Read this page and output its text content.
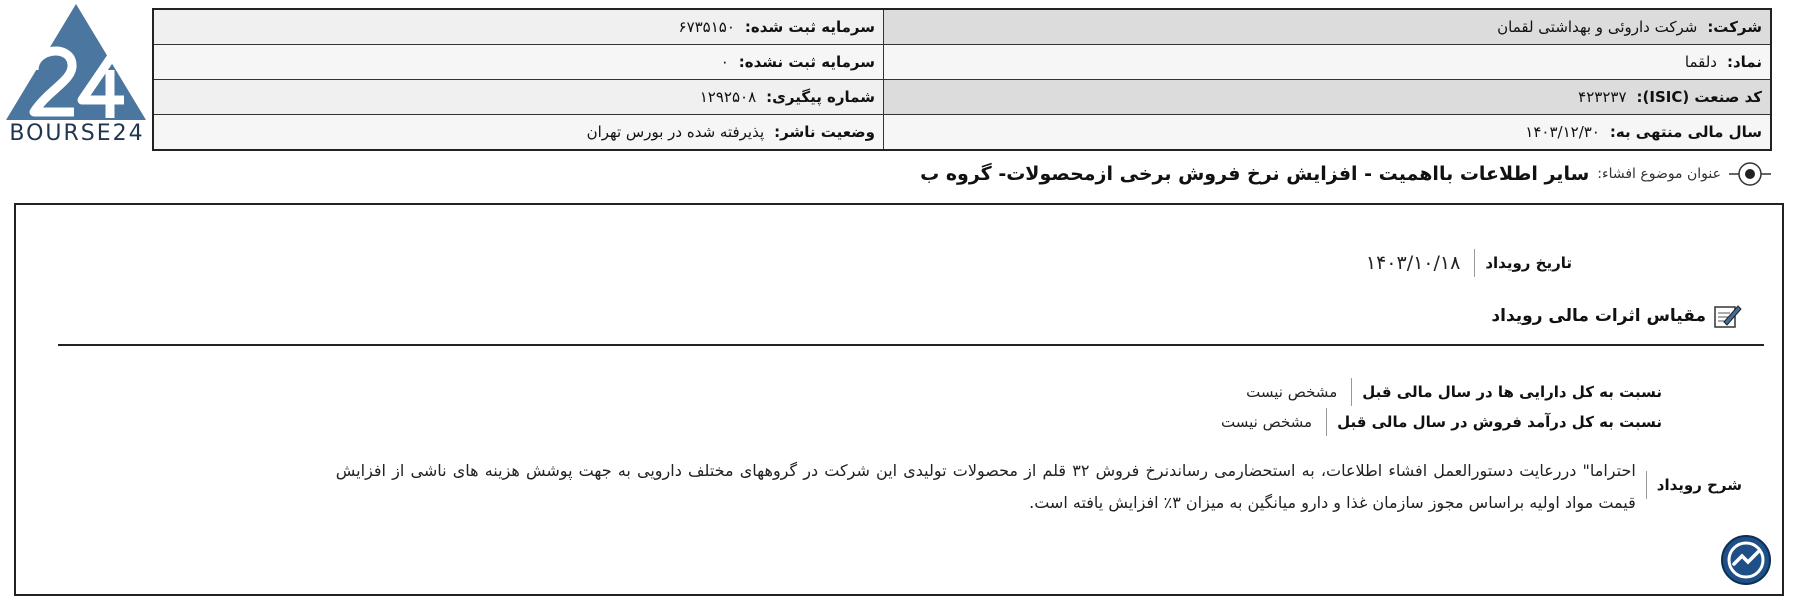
BOURSE24
شرکت:شرکت داروئی و بهداشتی لقمان	سرمایه ثبت شده:۶۷۳۵۱۵۰
نماد:دلقما	سرمایه ثبت نشده:۰
کد صنعت (ISIC):۴۲۳۲۳۷	شماره پیگیری:۱۲۹۲۵۰۸
سال مالی منتهی به:۱۴۰۳/۱۲/۳۰	وضعیت ناشر:پذیرفته شده در بورس تهران
عنوان موضوع افشاء:
سایر اطلاعات بااهمیت - افزایش نرخ فروش برخی ازمحصولات- گروه ب
تاریخ رویداد
۱۴۰۳/۱۰/۱۸
مقیاس اثرات مالی رویداد
نسبت به کل دارایی ها در سال مالی قبل
مشخص نیست
نسبت به کل درآمد فروش در سال مالی قبل
مشخص نیست
شرح رویداد
احتراما" دررعایت دستورالعمل افشاء اطلاعات، به استحضارمی رساندنرخ فروش ۳۲ قلم از محصولات تولیدی این شرکت در گروههای مختلف دارویی به جهت پوشش هزینه های ناشی از افزایش قیمت مواد اولیه براساس مجوز سازمان غذا و دارو میانگین به میزان ۳٪ افزایش یافته است.
